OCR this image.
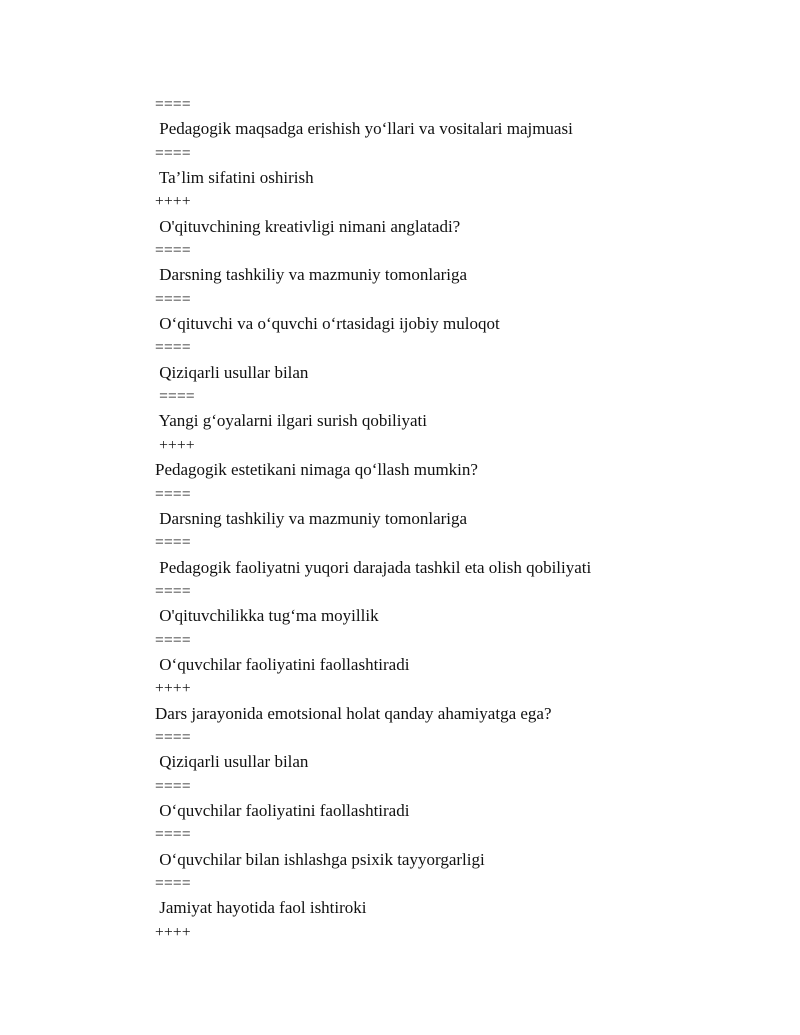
====
Pedagogik maqsadga erishish yo‘llari va vositalari majmuasi
====
Ta’lim sifatini oshirish
++++
O'qituvchining kreativligi nimani anglatadi?
====
Darsning tashkiliy va mazmuniy tomonlariga
====
O‘qituvchi va o‘quvchi o‘rtasidagi ijobiy muloqot
====
Qiziqarli usullar bilan
====
Yangi g‘oyalarni ilgari surish qobiliyati
++++
Pedagogik estetikani nimaga qo‘llash mumkin?
====
Darsning tashkiliy va mazmuniy tomonlariga
====
Pedagogik faoliyatni yuqori darajada tashkil eta olish qobiliyati
====
O'qituvchilikka tug‘ma moyillik
====
O‘quvchilar faoliyatini faollashtiradi
++++
Dars jarayonida emotsional holat qanday ahamiyatga ega?
====
Qiziqarli usullar bilan
====
O‘quvchilar faoliyatini faollashtiradi
====
O‘quvchilar bilan ishlashga psixik tayyorgarligi
====
Jamiyat hayotida faol ishtiroki
++++
